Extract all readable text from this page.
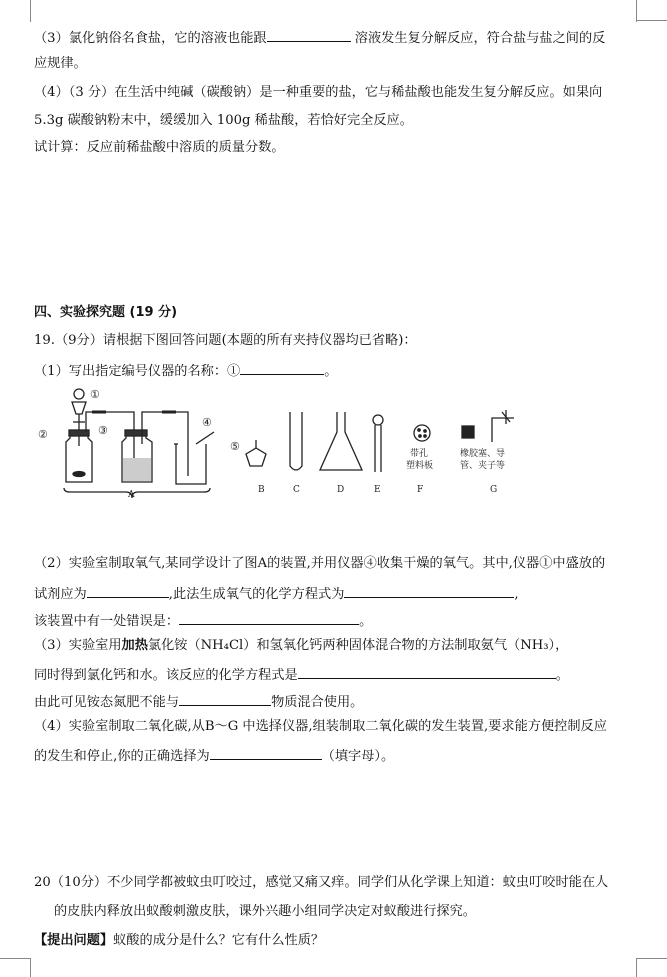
（3）氯化钠俗名食盐，它的溶液也能跟	溶液发生复分解反应，符合盐与盐之间的反
应规律。
（4）（3 分）在生活中纯碱（碳酸钠）是一种重要的盐，它与稀盐酸也能发生复分解反应。如果向
5.3g 碳酸钠粉末中，缓缓加入 100g 稀盐酸，若恰好完全反应。
试计算：反应前稀盐酸中溶质的质量分数。
四、实验探究题 (19 分)
19.（9分）请根据下图回答问题(本题的所有夹持仪器均已省略)：
（1）写出指定编号仪器的名称：①	。
①
②	③
④
⑤
A	B	C	D	E	F	G
带孔
塑料板
橡胶塞、导
管、夹子等
（2）实验室制取氧气,某同学设计了图A的装置,并用仪器④收集干燥的氧气。其中,仪器①中盛放的
试剂应为	,此法生成氧气的化学方程式为	,
该装置中有一处错误是：	。
（3）实验室用加热氯化铵（NH₄Cl）和氢氧化钙两种固体混合物的方法制取氨气（NH₃），
同时得到氯化钙和水。该反应的化学方程式是	。
由此可见铵态氮肥不能与	物质混合使用。
（4）实验室制取二氧化碳,从B～G 中选择仪器,组装制取二氧化碳的发生装置,要求能方便控制反应
的发生和停止,你的正确选择为	（填字母）。
20（10分）不少同学都被蚊虫叮咬过，感觉又痛又痒。同学们从化学课上知道：蚊虫叮咬时能在人
的皮肤内释放出蚁酸刺激皮肤，课外兴趣小组同学决定对蚁酸进行探究。
【提出问题】蚁酸的成分是什么？它有什么性质？
